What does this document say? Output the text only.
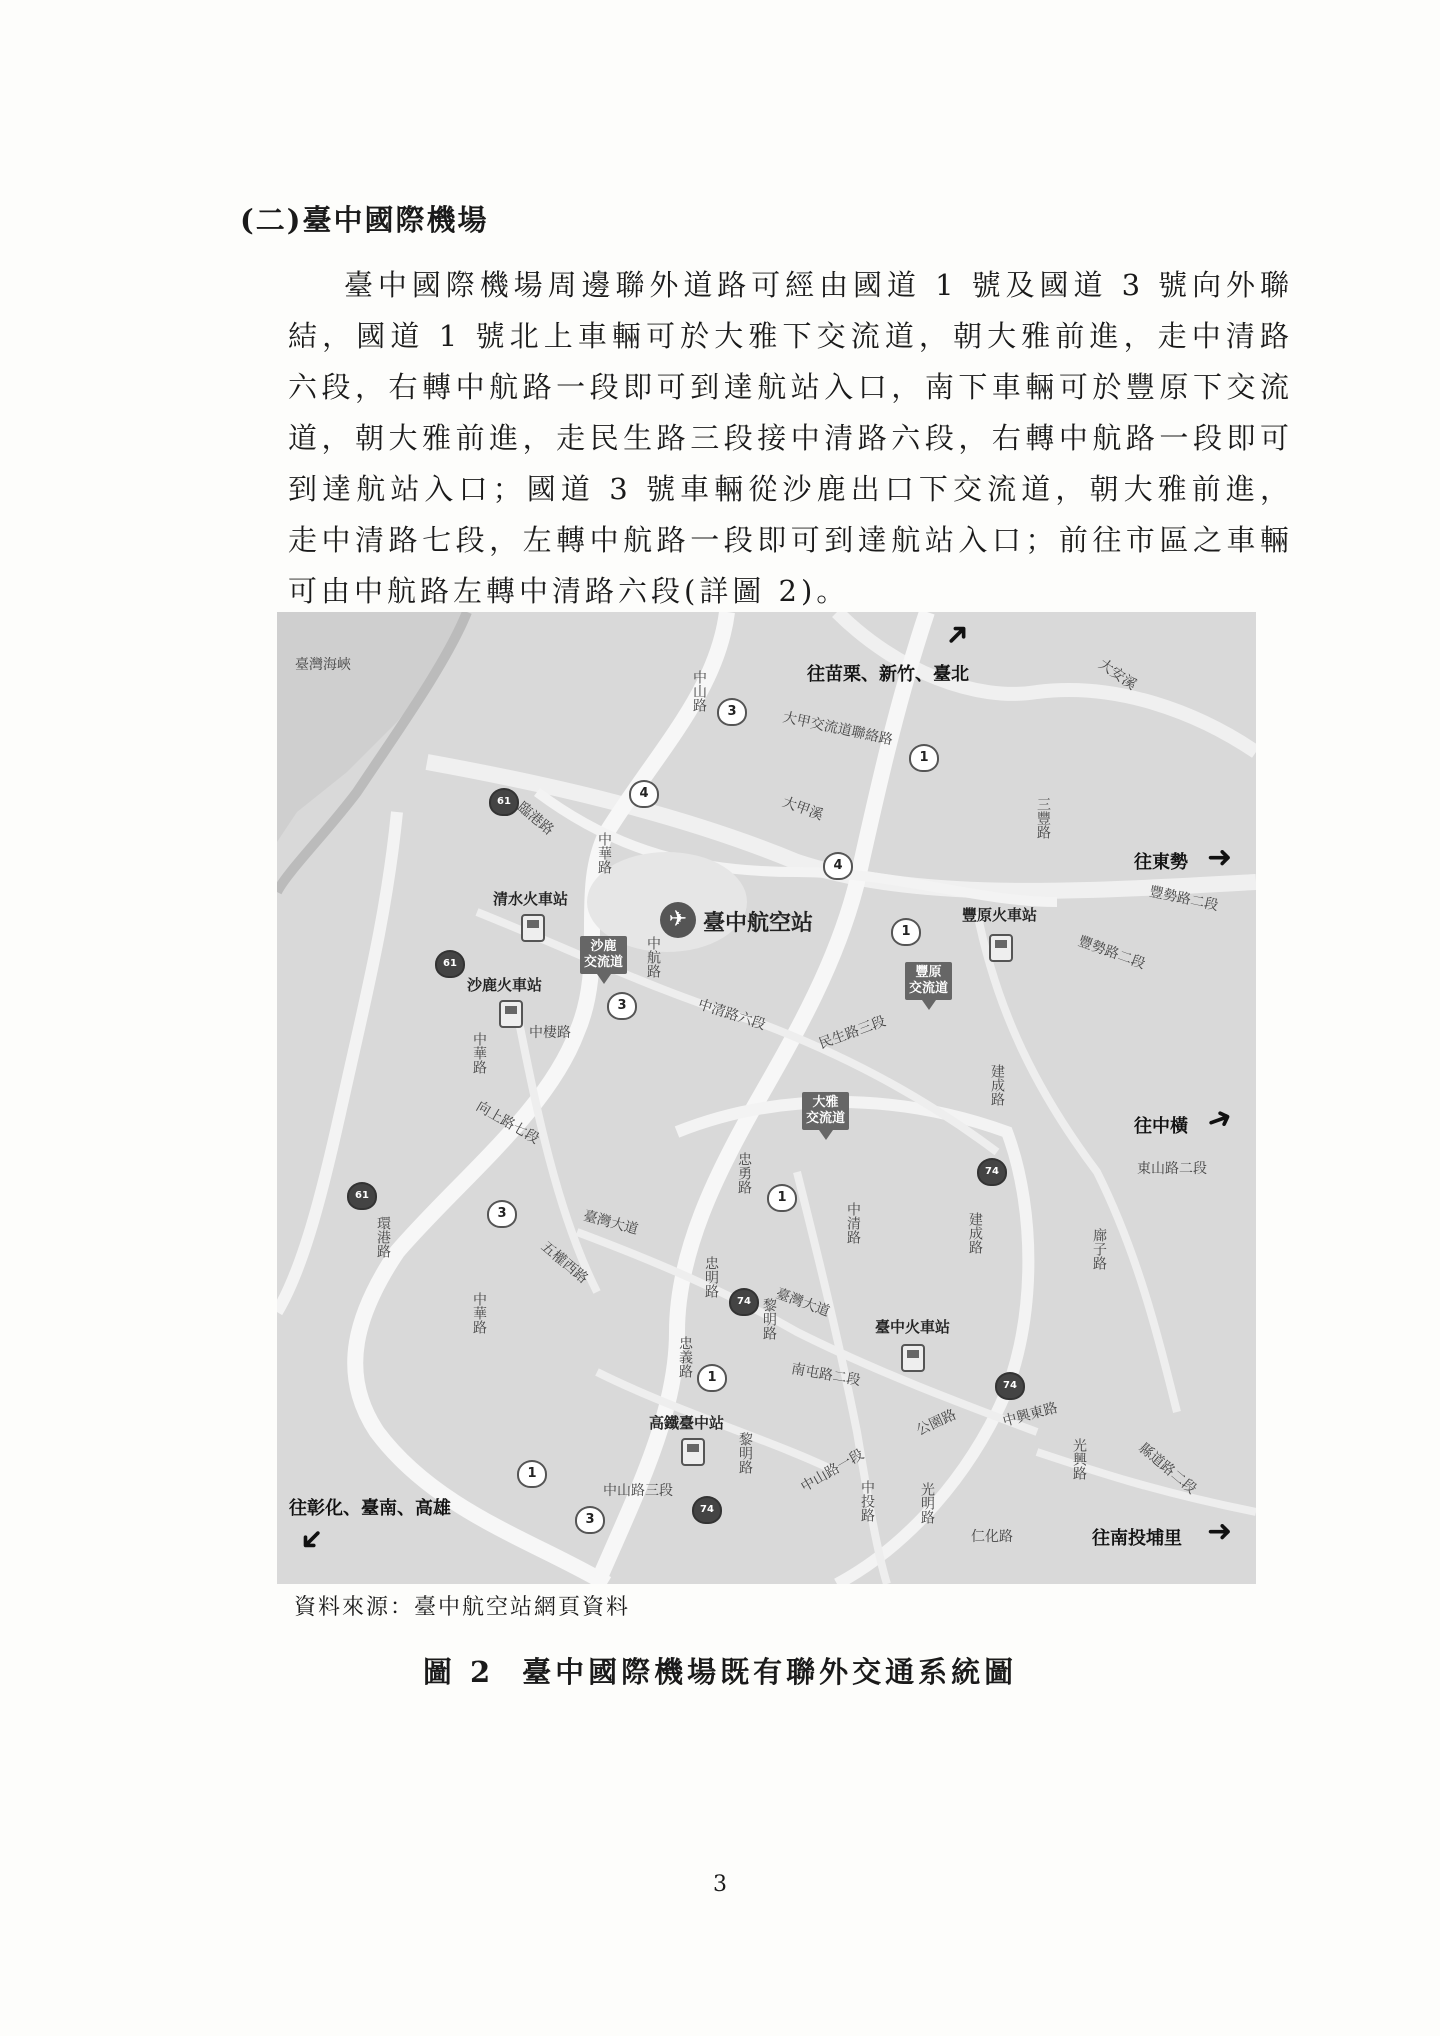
(二)臺中國際機場

臺中國際機場周邊聯外道路可經由國道 1 號及國道 3 號向外聯結，國道 1 號北上車輛可於大雅下交流道，朝大雅前進，走中清路六段，右轉中航路一段即可到達航站入口，南下車輛可於豐原下交流道，朝大雅前進，走民生路三段接中清路六段，右轉中航路一段即可到達航站入口；國道 3 號車輛從沙鹿出口下交流道，朝大雅前進，走中清路七段，左轉中航路一段即可到達航站入口；前往市區之車輛可由中航路左轉中清路六段(詳圖 2)。

臺灣海峽	往苗栗、新竹、臺北
➜
往東勢 ➜
往中橫 ➜
往彰化、臺南、高雄
➜	往南投埔里 ➜
✈ 臺中航空站
清水火車站
沙鹿火車站
豐原火車站
臺中火車站
高鐵臺中站
沙鹿
交流道
豐原
交流道
大雅
交流道
3
1
4
4
1
61
61
3
1
61
3
74
74
1
74
1
74
3
中山路
大甲交流道聯絡路
大甲溪
大安溪
三豐路
臨港路
中華路
豐勢路二段
豐勢路二段
中航路
中清路六段	民生路三段
中棲路
中華路
建成路
向上路七段
東山路二段
忠勇路
臺灣大道
五權西路
中清路	建成路	廍子路
忠明路
黎明路
臺灣大道
中華路
南屯路二段
中興東路
忠義路
黎明路	中山路一段
公園路
光明路
光興路
中山路三段	中投路
仁化路
縣道路二段
環港路
資料來源：臺中航空站網頁資料
圖 2 臺中國際機場既有聯外交通系統圖
3
